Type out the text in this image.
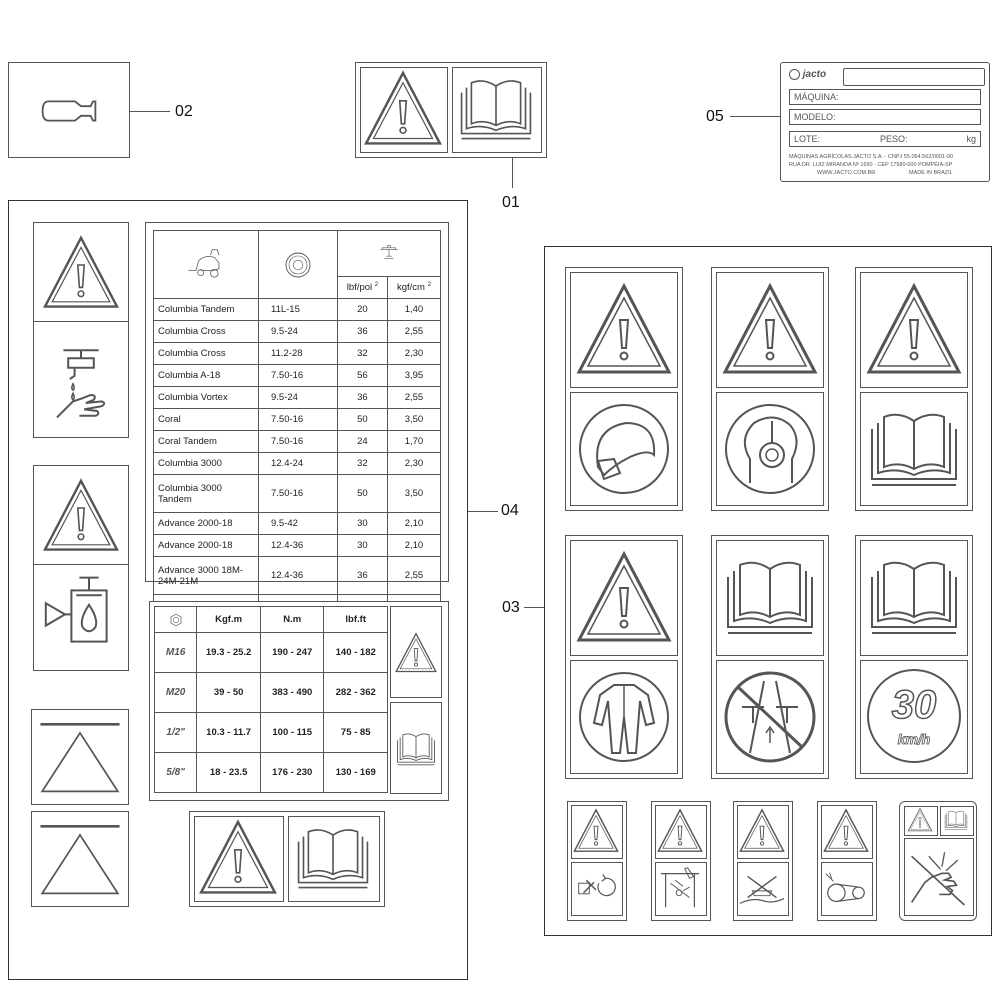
02
01
05
jacto
MÁQUINA:
MODELO:
LOTE:	PESO:	kg
MÁQUINAS AGRÍCOLAS JACTO S.A. - CNPJ 55.064.562/0001-90
RUA DR. LUIZ MIRANDA Nº 1650 - CEP 17580-000 POMPÉIA-SP
WWW.JACTO.COM.BR	MADE IN BRAZIL

		lbf/pol $^2$	kgf/cm $^2$
Columbia Tandem	11L-15	20	1,40
Columbia Cross	9.5-24	36	2,55
Columbia Cross	11.2-28	32	2,30
Columbia A-18	7.50-16	56	3,95
Columbia Vortex	9.5-24	36	2,55
Coral	7.50-16	50	3,50
Coral Tandem	7.50-16	24	1,70
Columbia 3000	12.4-24	32	2,30
Columbia 3000 Tandem	7.50-16	50	3,50
Advance 2000-18	9.5-42	30	2,10
Advance 2000-18	12.4-36	30	2,10
Advance 3000 18M-24M-21M	12.4-36	36	2,55

	Kgf.m	N.m	lbf.ft
M16	19.3 - 25.2	190 - 247	140 - 182
M20	39 - 50	383 - 490	282 - 362
1/2"	10.3 - 11.7	100 - 115	75 - 85
5/8"	18 - 23.5	176 - 230	130 - 169
04
03
30
km/h
